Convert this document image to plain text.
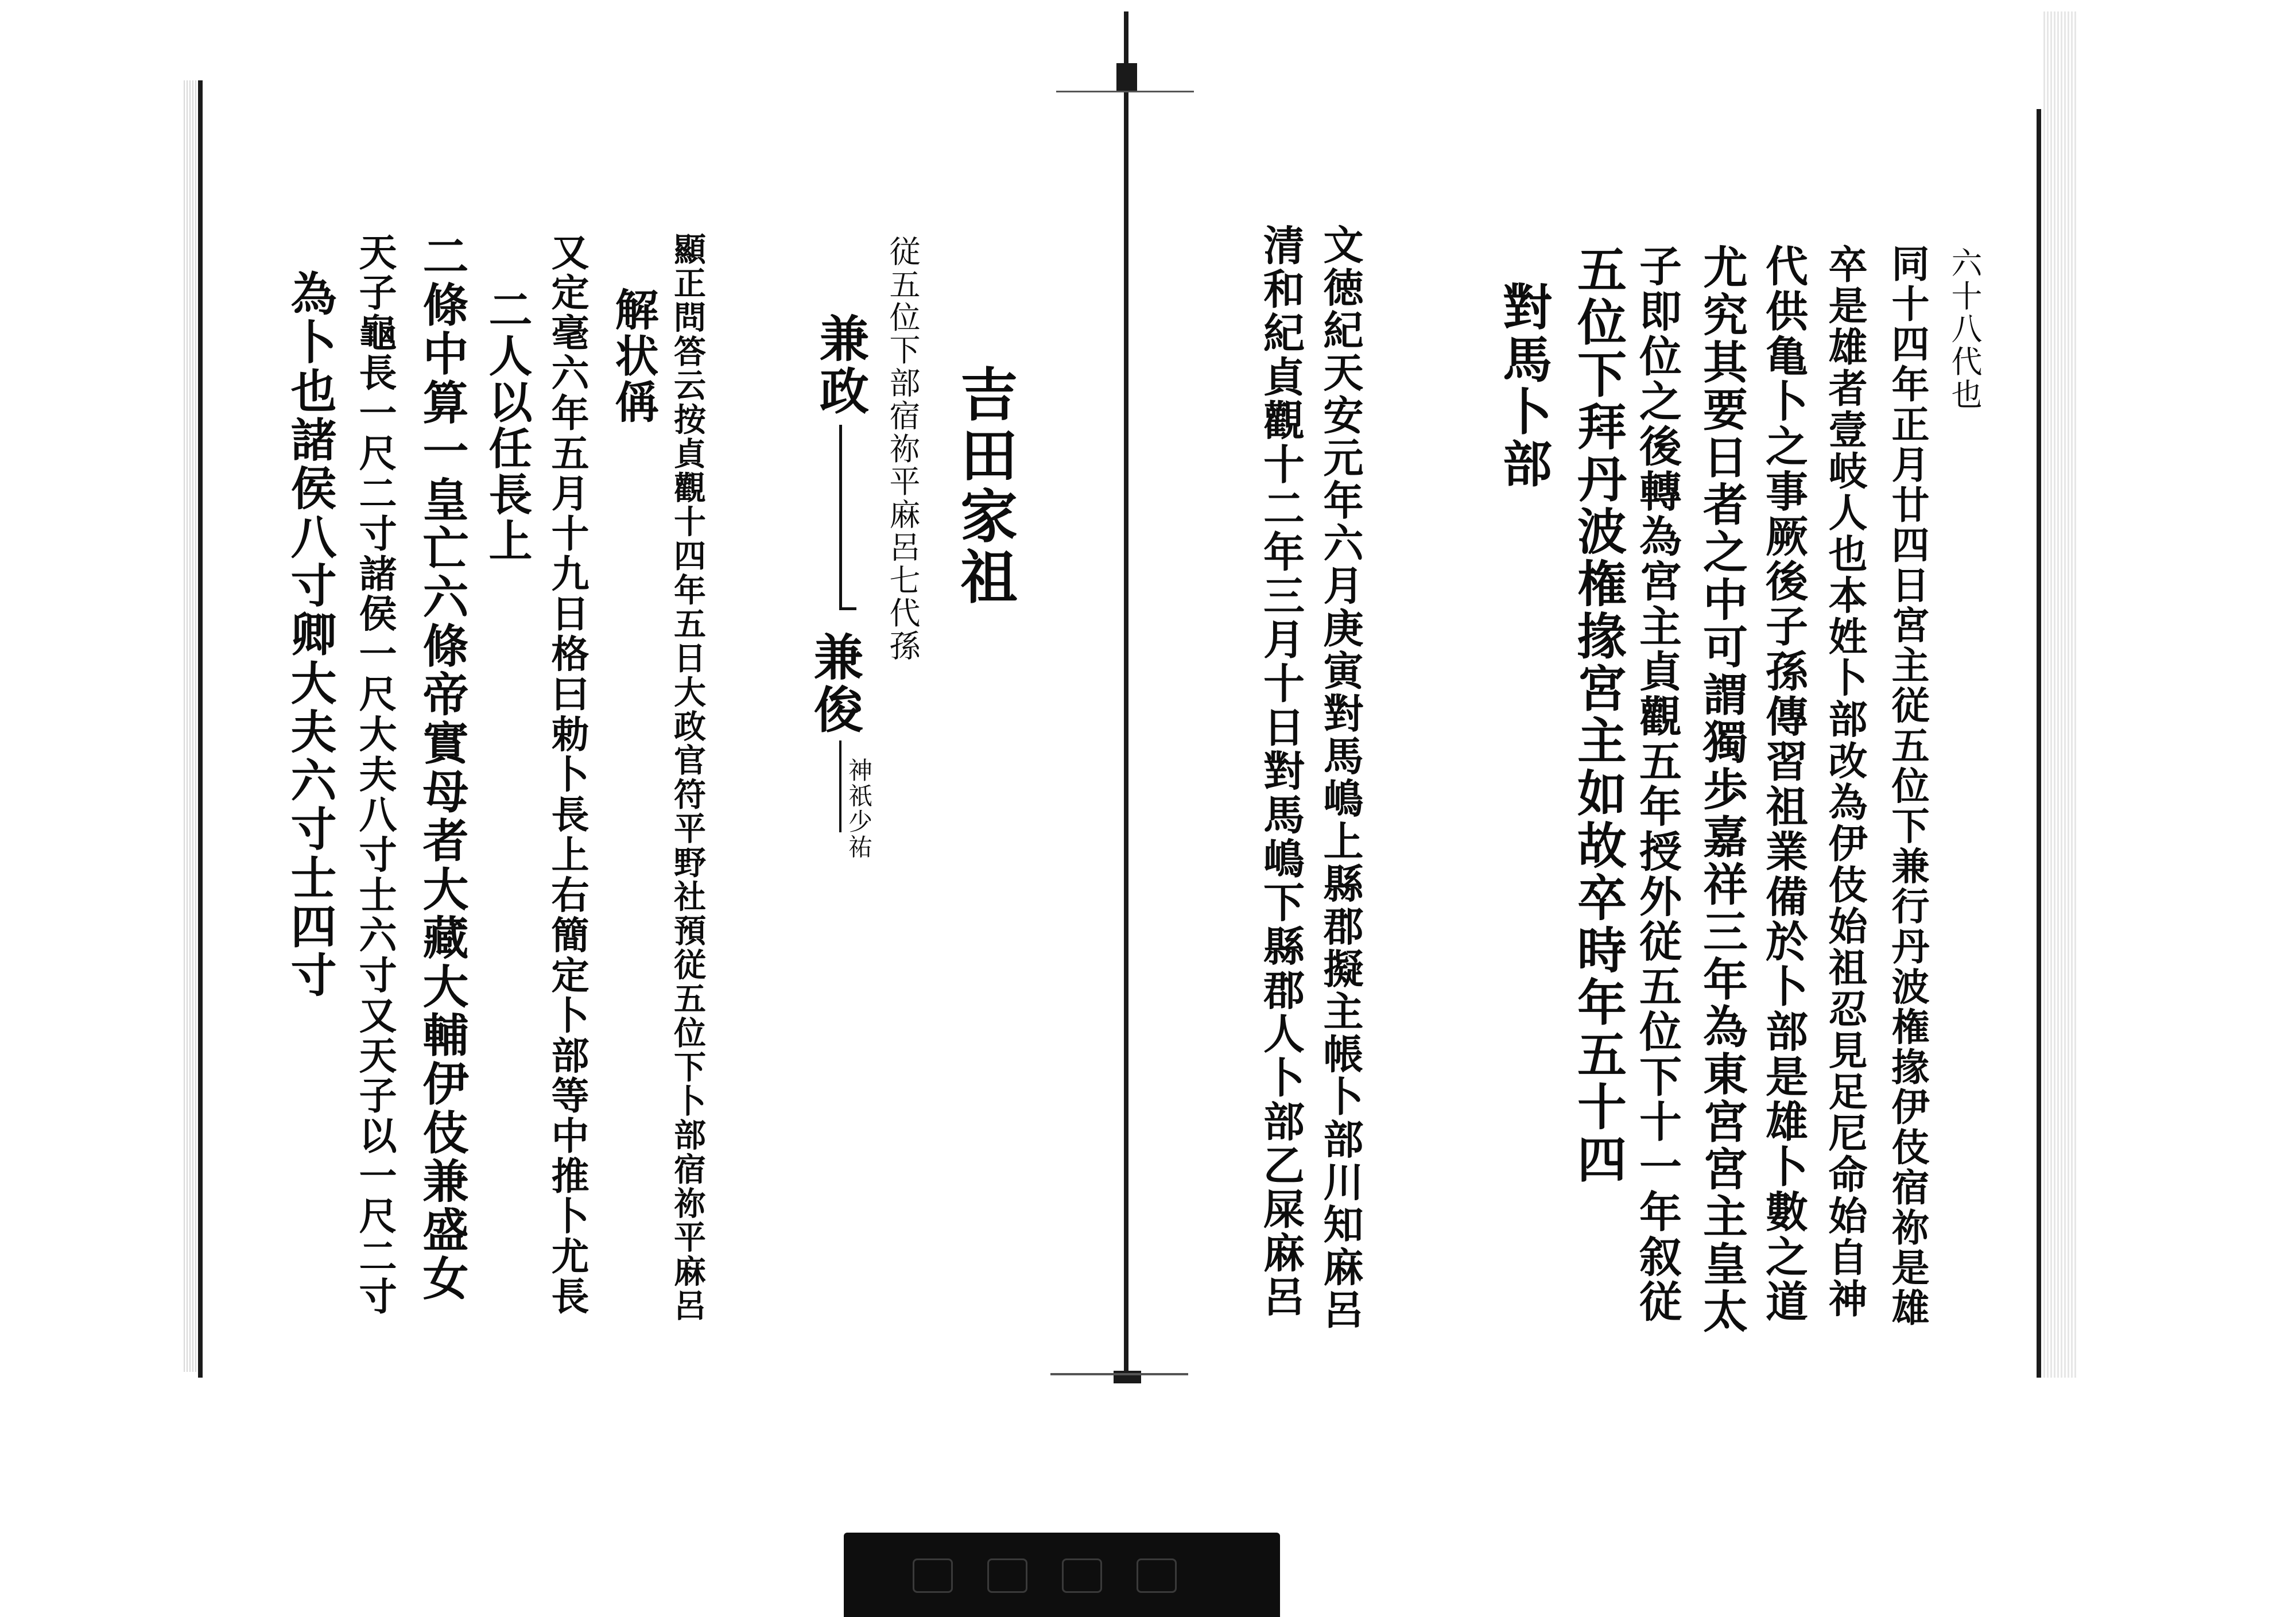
六十八代也
同十四年正月廿四日宮主従五位下兼行丹波権掾伊伎宿祢是雄
卒是雄者壹岐人也本姓卜部改為伊伎始祖忍見足尼命始自神
代供亀卜之事厥後子孫傳習祖業備於卜部是雄卜數之道
尤究其要日者之中可謂獨歩嘉祥三年為東宮宮主皇太
子即位之後轉為宮主貞觀五年授外従五位下十一年叙従
五位下拜丹波権掾宮主如故卒時年五十四
對馬卜部
文徳紀天安元年六月庚寅對馬嶋上縣郡擬主帳卜部川知麻呂
清和紀貞觀十二年三月十日對馬嶋下縣郡人卜部乙屎麻呂
吉田家祖
従五位下部宿祢平麻呂七代孫
兼政
兼俊
神祇少祐
顯正問答云按貞觀十四年五日大政官符平野社預従五位下卜部宿祢平麻呂
解状偁
又定毫六年五月十九日格曰勅卜長上右簡定卜部等中推卜尤長
二人以任長上
二條中算一皇亡六條帝實母者大藏大輔伊伎兼盛女
天子龜長一尺二寸諸侯一尺大夫八寸士六寸又天子以一尺二寸
為卜也諸侯八寸卿大夫六寸士四寸
